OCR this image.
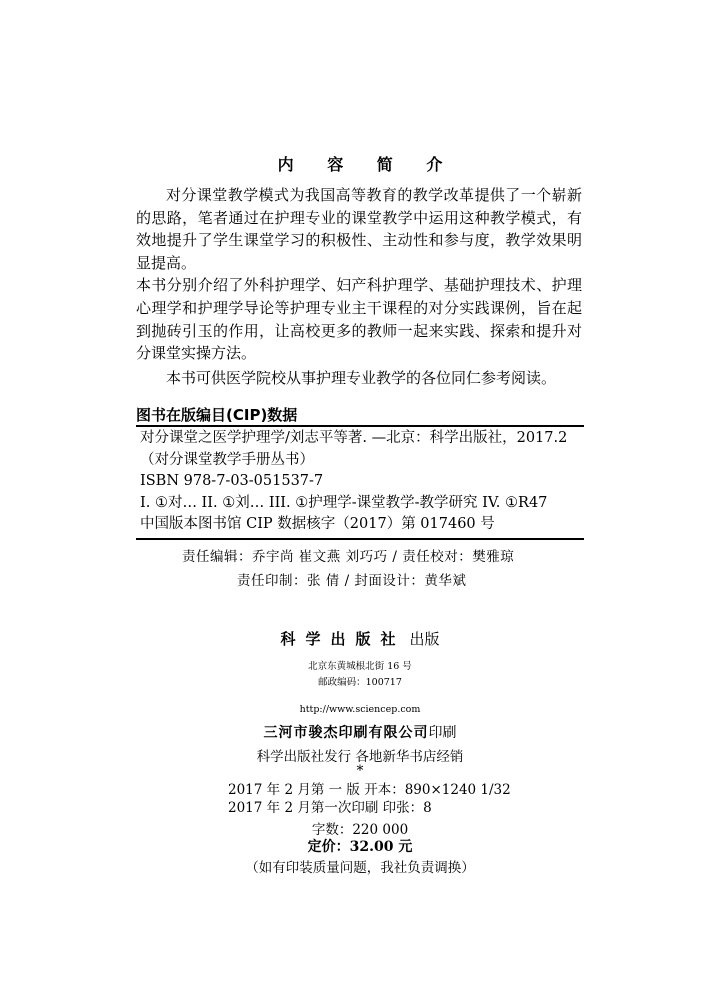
内 容 简 介

对分课堂教学模式为我国高等教育的教学改革提供了一个崭新的思路，笔者通过在护理专业的课堂教学中运用这种教学模式，有效地提升了学生课堂学习的积极性、主动性和参与度，教学效果明显提高。

本书分别介绍了外科护理学、妇产科护理学、基础护理技术、护理心理学和护理学导论等护理专业主干课程的对分实践课例，旨在起到抛砖引玉的作用，让高校更多的教师一起来实践、探索和提升对分课堂实操方法。

本书可供医学院校从事护理专业教学的各位同仁参考阅读。

图书在版编目(CIP)数据
对分课堂之医学护理学/刘志平等著. —北京：科学出版社，2017.2
（对分课堂教学手册丛书）
ISBN 978-7-03-051537-7
I. ①对… II. ①刘… III. ①护理学-课堂教学-教学研究 IV. ①R47
中国版本图书馆 CIP 数据核字（2017）第 017460 号
责任编辑：乔宇尚 崔文燕 刘巧巧 / 责任校对：樊雅琼
责任印制：张 倩 / 封面设计：黄华斌
科学出版社 出版
北京东黄城根北街 16 号
邮政编码：100717
http://www.sciencep.com
三河市骏杰印刷有限公司印刷
科学出版社发行 各地新华书店经销
*
2017 年 2 月第 一 版 开本：890×1240 1/32
2017 年 2 月第一次印刷 印张：8
字数：220 000
定价：32.00 元
（如有印装质量问题，我社负责调换）
